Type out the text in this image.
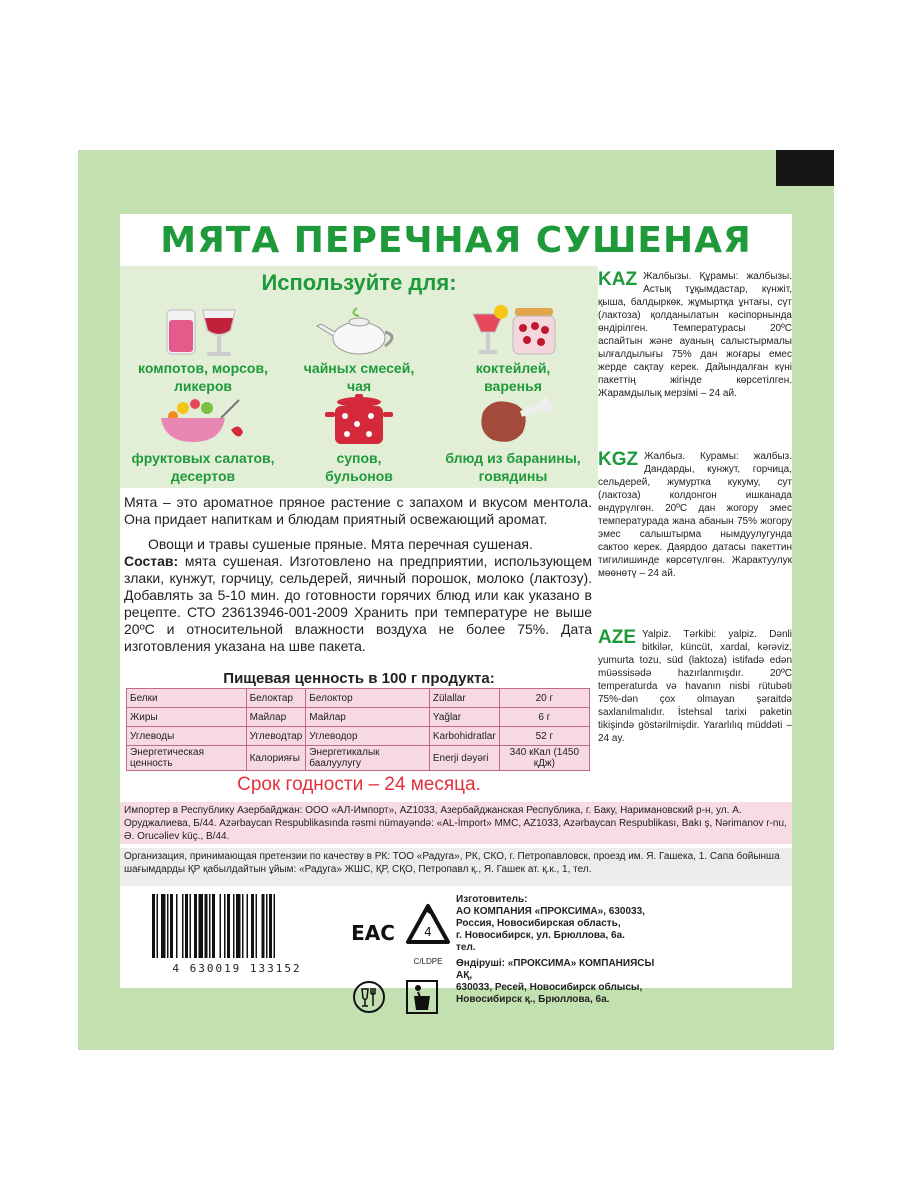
МЯТА ПЕРЕЧНАЯ СУШЕНАЯ
Используйте для:
компотов, морсов,
ликеров
чайных смесей,
чая
коктейлей,
варенья
фруктовых салатов,
десертов
супов,
бульонов
блюд из баранины,
говядины

Мята – это ароматное пряное растение с запахом и вкусом ментола. Она придает напиткам и блюдам приятный освежающий аромат.

Овощи и травы сушеные пряные. Мята перечная сушеная.

Состав: мята сушеная. Изготовлено на предприятии, использующем злаки, кунжут, горчицу, сельдерей, яичный порошок, молоко (лактозу). Добавлять за 5-10 мин. до готовности горячих блюд или как указано в рецепте. СТО 23613946-001-2009 Хранить при температуре не выше 20ºС и относительной влажности воздуха не более 75%. Дата изготовления указана на шве пакета.

Пищевая ценность в 100 г продукта:
Белки	Белоктар	Белоктор	Zülallar	20 г
Жиры	Майлар	Майлар	Yağlar	6 г
Углеводы	Углеводтар	Углеводор	Karbohidratlar	52 г
Энергетическая ценность	Калорияғы	Энергетикалык баалуулугу	Enerji dəyəri	340 кКал (1450 кДж)
Срок годности – 24 месяца.
KAZ Жалбызы. Құрамы: жалбызы. Астық тұқымдастар, күнжіт, қыша, балдыркөк, жұмыртқа ұнтағы, сүт (лактоза) қолданылатын кәсіпорнында өндірілген. Температурасы 20ºС аспайтын және ауаның салыстырмалы ылғалдылығы 75% дан жоғары емес жерде сақтау керек. Дайындалған күні пакеттің жігінде көрсетілген. Жарамдылық мерзімі – 24 ай.

KGZ Жалбыз. Курамы: жалбыз. Дандарды, кунжут, горчица, сельдерей, жумуртка кукуму, сут (лактоза) колдонгон ишканада өндүрүлгөн. 20ºС дан жогору эмес температурада жана абанын 75% жогору эмес салыштырма нымдуулугунда сактоо керек. Даярдоо датасы пакеттин тигилишинде көрсөтүлгөн. Жарактуулук мөөнөтү – 24 ай.

AZE Yalpiz. Tərkibi: yalpiz. Dənli bitkilər, küncüt, xardal, kərəviz, yumurta tozu, süd (laktoza) istifadə edən müəssisədə hazırlanmışdır. 20ºC temperaturda və havanın nisbi rütubəti 75%-dən çox olmayan şəraitdə saxlanılmalıdır. İstehsal tarixi paketin tikişində göstərilmişdir. Yararlılıq müddəti – 24 ay.

Импортер в Республику Азербайджан: ООО «АЛ-Импорт», AZ1033, Азербайджанская Республика, г. Баку, Наримановский р-н, ул. А. Оруджалиева, Б/44. Azərbaycan Respublikasında rəsmi nümayəndə: «AL-İmport» MMC, AZ1033, Azərbaycan Respublikası, Bakı ş, Nərimanov r-nu, Ə. Orucəliev küç., B/44.
Организация, принимающая претензии по качеству в РК: ТОО «Радуга», РК, СКО, г. Петропавловск, проезд им. Я. Гашека, 1. Сапа бойынша шағымдарды ҚР қабылдайтын ұйым: «Радуга» ЖШС, ҚР, СҚО, Петропавл қ., Я. Гашек ат. қ.к., 1, тел.
4 630019 133152
EAC 4
C/LDPE
Изготовитель:
АО КОМПАНИЯ «ПРОКСИМА», 630033,
Россия, Новосибирская область,
г. Новосибирск, ул. Брюллова, 6а.
тел.
Өндіруші: «ПРОКСИМА» КОМПАНИЯСЫ АҚ,
630033, Ресей, Новосибирск облысы,
Новосибирск қ., Брюллова, 6а.
